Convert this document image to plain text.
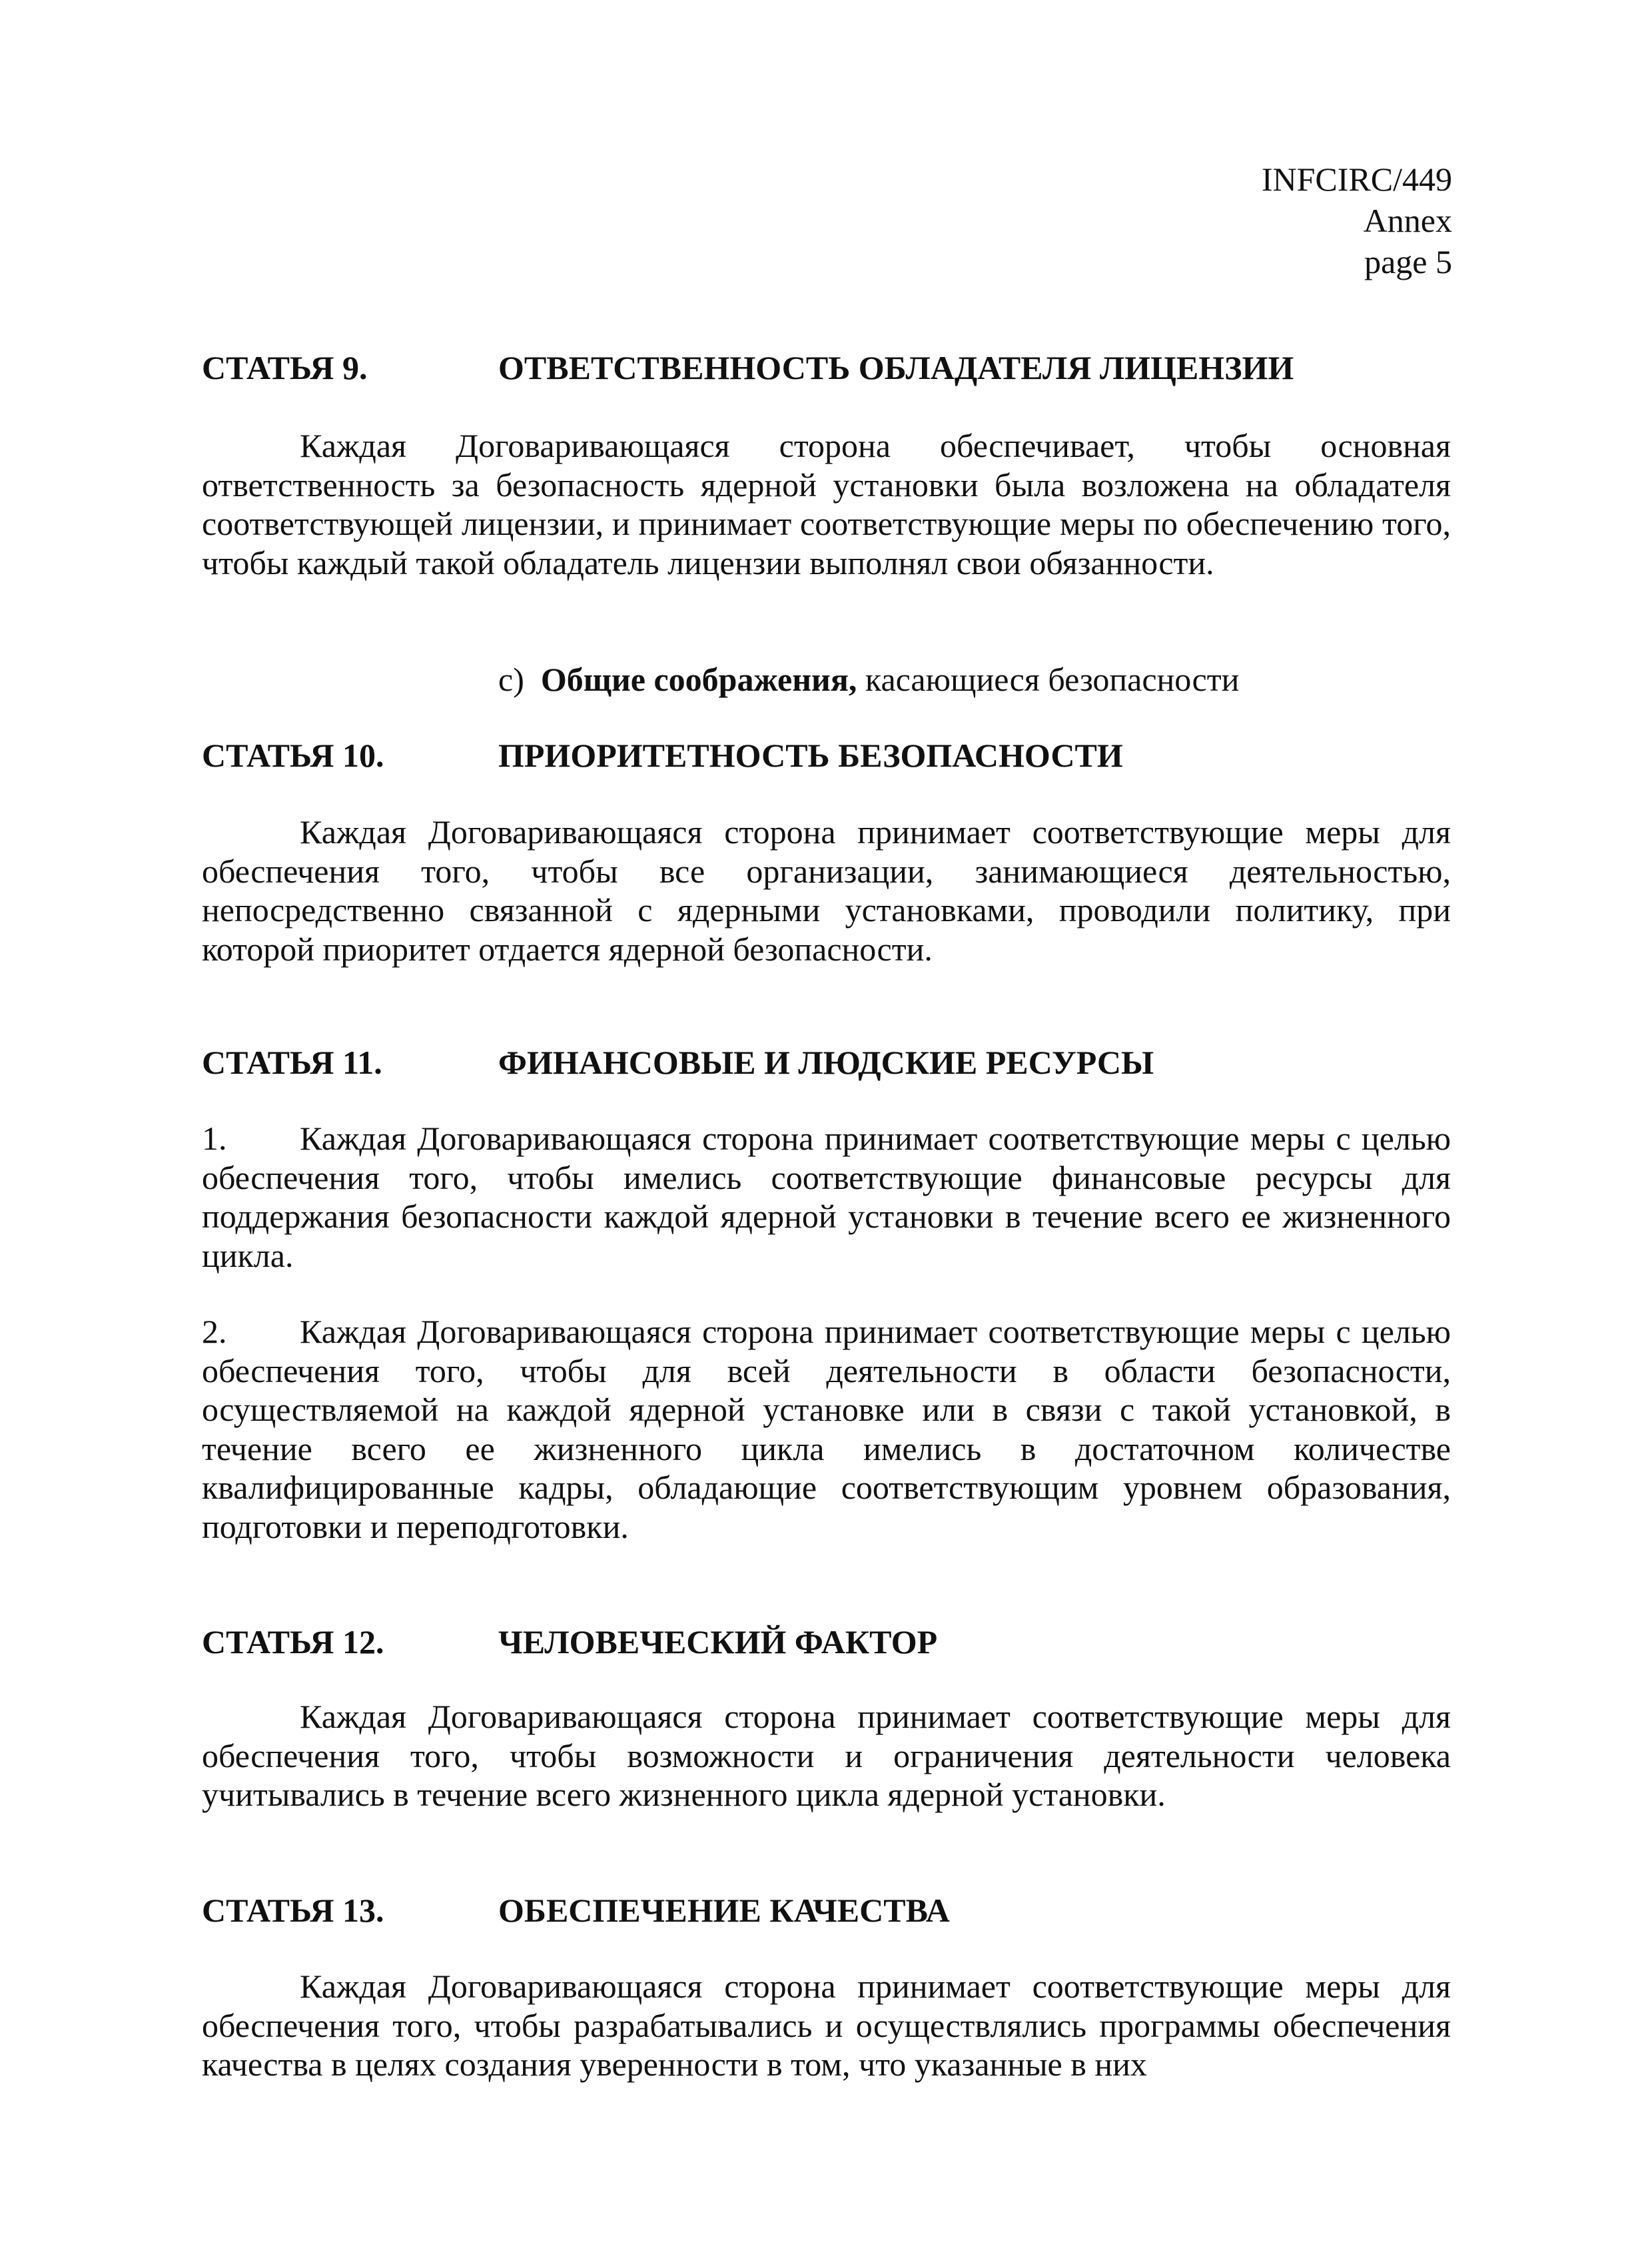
INFCIRC/449
Annex
page 5
СТАТЬЯ 9.	ОТВЕТСТВЕННОСТЬ ОБЛАДАТЕЛЯ ЛИЦЕНЗИИ
Каждая Договаривающаяся сторона обеспечивает, чтобы основная ответственность за безопасность ядерной установки была возложена на обладателя соответствующей лицензии, и принимает соответствующие меры по обеспечению того, чтобы каждый такой обладатель лицензии выполнял свои обязанности.
c) Общие соображения, касающиеся безопасности
СТАТЬЯ 10.	ПРИОРИТЕТНОСТЬ БЕЗОПАСНОСТИ
Каждая Договаривающаяся сторона принимает соответствующие меры для обеспечения того, чтобы все организации, занимающиеся деятельностью, непосредственно связанной с ядерными установками, проводили политику, при которой приоритет отдается ядерной безопасности.
СТАТЬЯ 11.	ФИНАНСОВЫЕ И ЛЮДСКИЕ РЕСУРСЫ
1. Каждая Договаривающаяся сторона принимает соответствующие меры с целью обеспечения того, чтобы имелись соответствующие финансовые ресурсы для поддержания безопасности каждой ядерной установки в течение всего ее жизненного цикла.
2. Каждая Договаривающаяся сторона принимает соответствующие меры с целью обеспечения того, чтобы для всей деятельности в области безопасности, осуществляемой на каждой ядерной установке или в связи с такой установкой, в течение всего ее жизненного цикла имелись в достаточном количестве квалифицированные кадры, обладающие соответствующим уровнем образования, подготовки и переподготовки.
СТАТЬЯ 12.	ЧЕЛОВЕЧЕСКИЙ ФАКТОР
Каждая Договаривающаяся сторона принимает соответствующие меры для обеспечения того, чтобы возможности и ограничения деятельности человека учитывались в течение всего жизненного цикла ядерной установки.
СТАТЬЯ 13.	ОБЕСПЕЧЕНИЕ КАЧЕСТВА
Каждая Договаривающаяся сторона принимает соответствующие меры для обеспечения того, чтобы разрабатывались и осуществлялись программы обеспечения качества в целях создания уверенности в том, что указанные в них
